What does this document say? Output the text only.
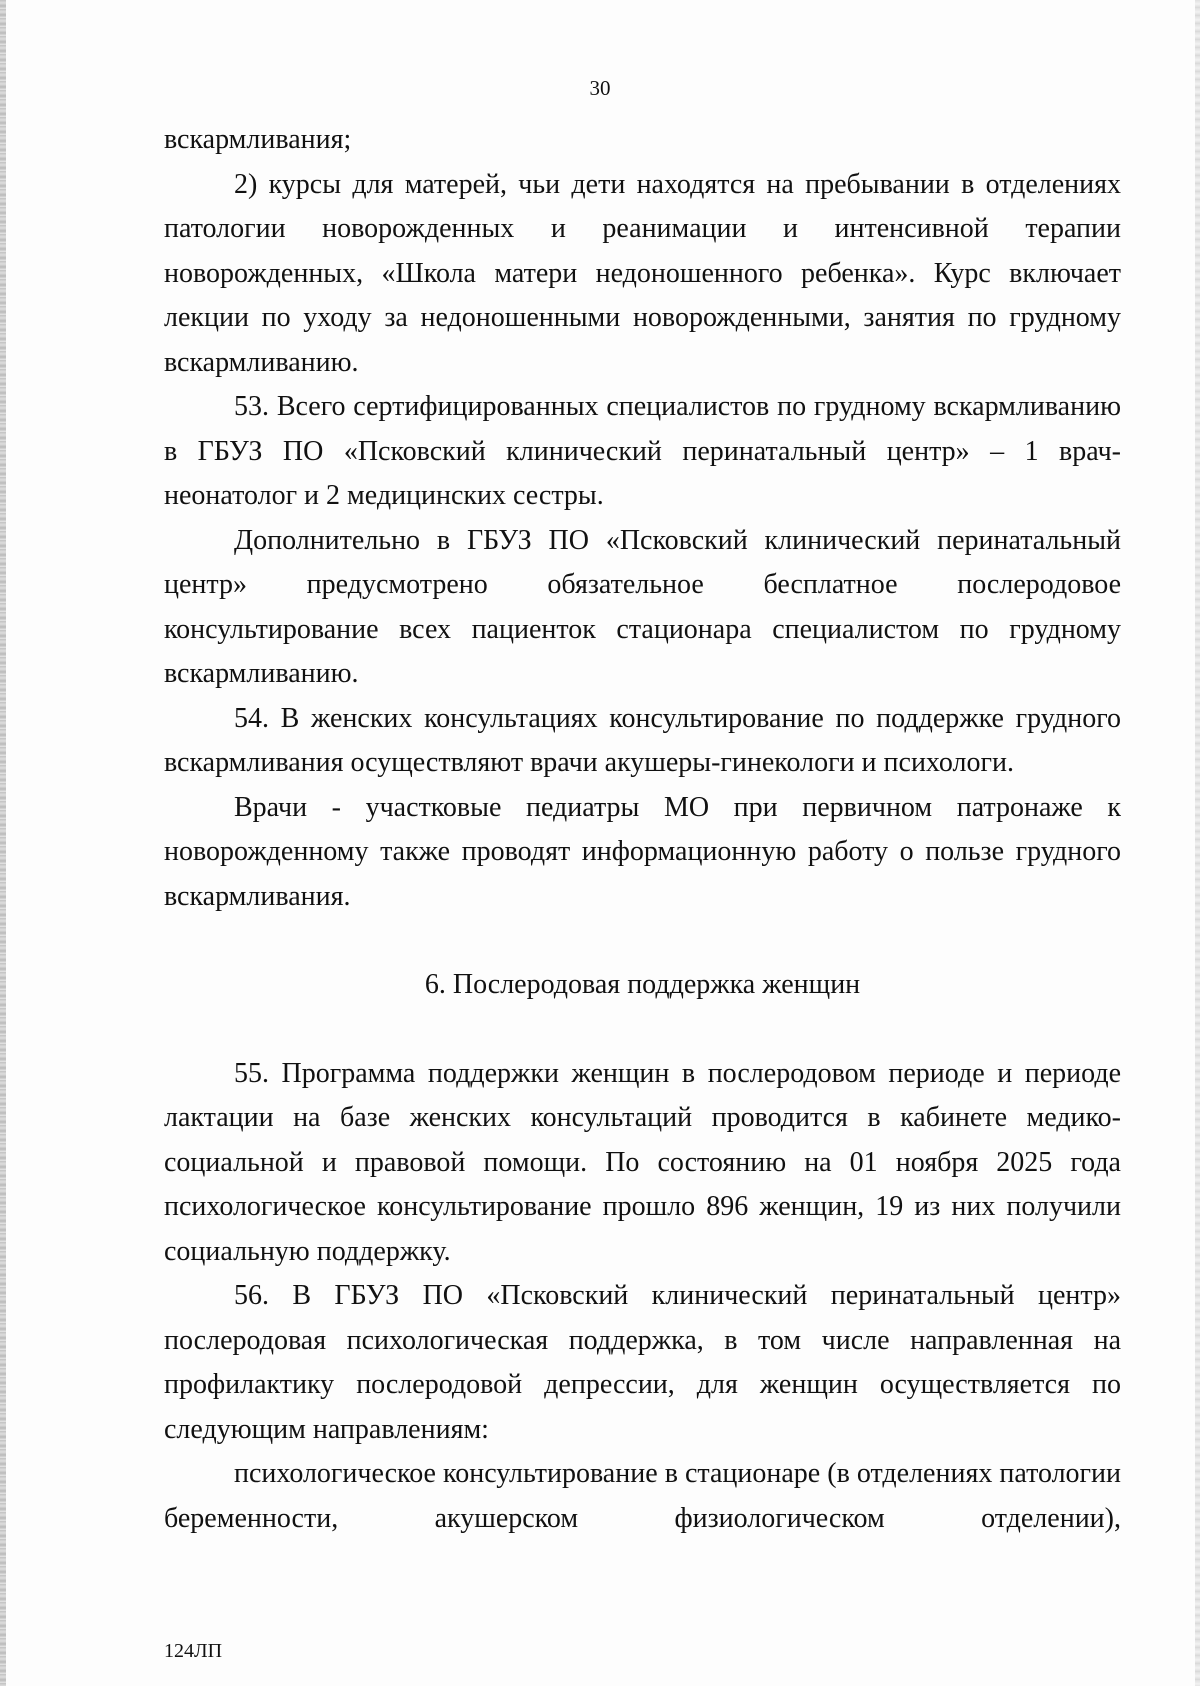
30

вскармливания;

2) курсы для матерей, чьи дети находятся на пребывании в отделениях патологии новорожденных и реанимации и интенсивной терапии новорожденных, «Школа матери недоношенного ребенка». Курс включает лекции по уходу за недоношенными новорожденными, занятия по грудному вскармливанию.

53. Всего сертифицированных специалистов по грудному вскармливанию в ГБУЗ ПО «Псковский клинический перинатальный центр» – 1 врач-неонатолог и 2 медицинских сестры.

Дополнительно в ГБУЗ ПО «Псковский клинический перинатальный центр» предусмотрено обязательное бесплатное послеродовое консультирование всех пациенток стационара специалистом по грудному вскармливанию.

54. В женских консультациях консультирование по поддержке грудного вскармливания осуществляют врачи акушеры-гинекологи и психологи.

Врачи - участковые педиатры МО при первичном патронаже к новорожденному также проводят информационную работу о пользе грудного вскармливания.

6. Послеродовая поддержка женщин

55. Программа поддержки женщин в послеродовом периоде и периоде лактации на базе женских консультаций проводится в кабинете медико-социальной и правовой помощи. По состоянию на 01 ноября 2025 года психологическое консультирование прошло 896 женщин, 19 из них получили социальную поддержку.

56. В ГБУЗ ПО «Псковский клинический перинатальный центр» послеродовая психологическая поддержка, в том числе направленная на профилактику послеродовой депрессии, для женщин осуществляется по следующим направлениям:

психологическое консультирование в стационаре (в отделениях патологии беременности, акушерском физиологическом отделении),

124ЛП
